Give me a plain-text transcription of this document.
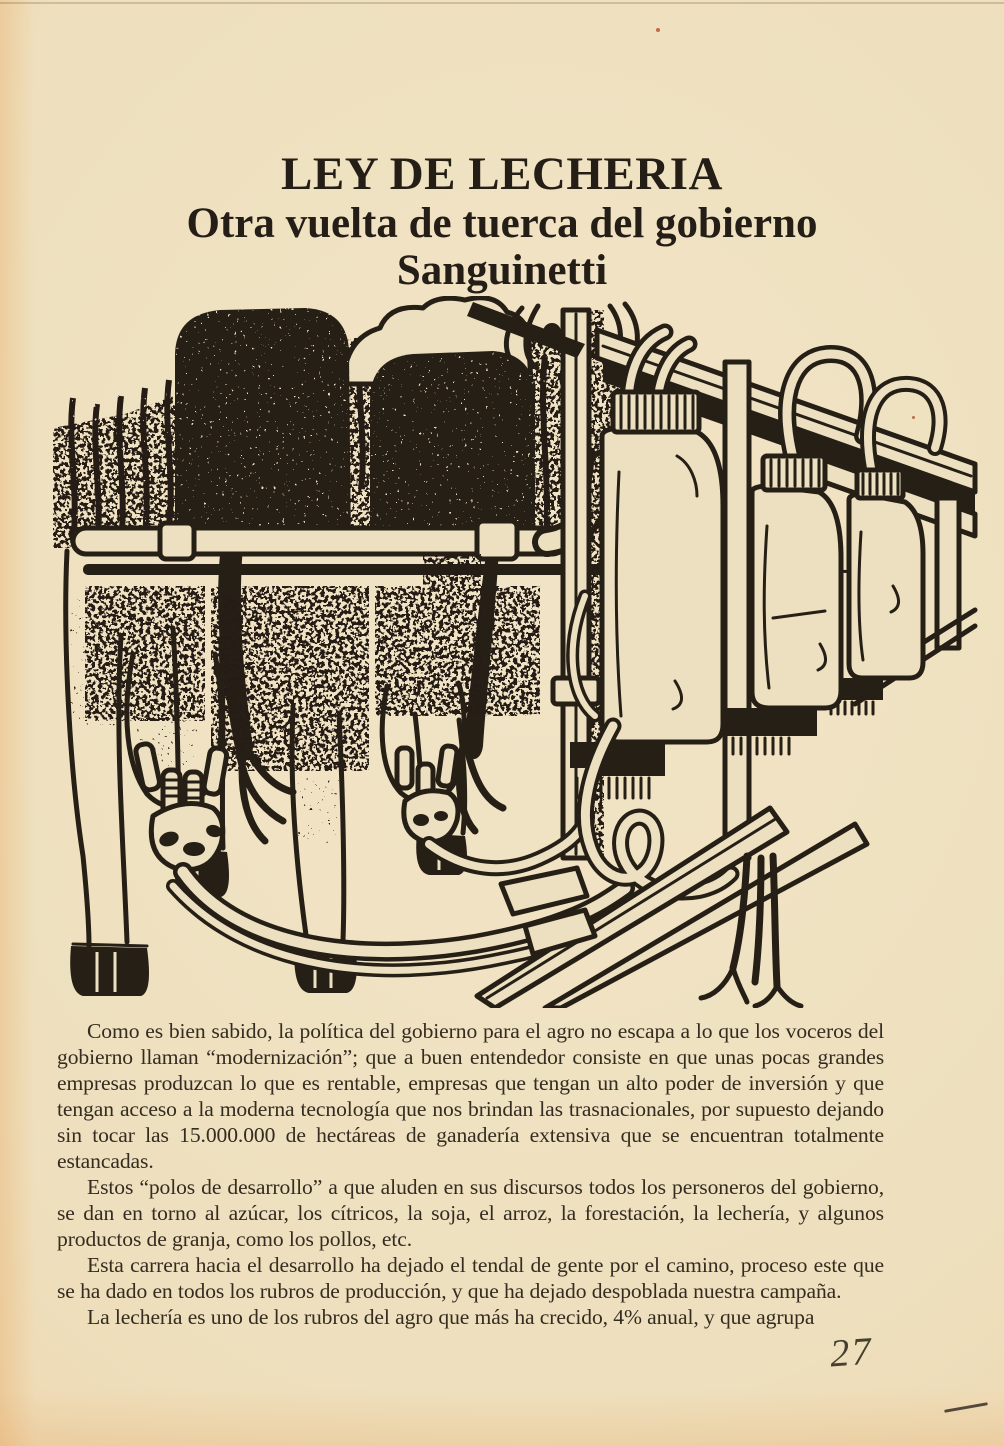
LEY DE LECHERIA

Otra vuelta de tuerca del gobierno

Sanguinetti

Como es bien sabido, la política del gobierno para el agro no escapa a lo que los voceros del gobierno llaman “modernización”; que a buen entendedor consiste en que unas pocas grandes empresas produzcan lo que es rentable, empresas que tengan un alto poder de inversión y que tengan acceso a la moderna tecnología que nos brindan las trasnacionales, por supuesto dejando sin tocar las 15.000.000 de hectáreas de ganadería extensiva que se encuentran totalmente estancadas.

Estos “polos de desarrollo” a que aluden en sus discursos todos los personeros del gobierno, se dan en torno al azúcar, los cítricos, la soja, el arroz, la forestación, la lechería, y algunos productos de granja, como los pollos, etc.

Esta carrera hacia el desarrollo ha dejado el tendal de gente por el camino, proceso este que se ha dado en todos los rubros de producción, y que ha dejado despoblada nuestra campaña.

La lechería es uno de los rubros del agro que más ha crecido, 4% anual, y que agrupa

27
